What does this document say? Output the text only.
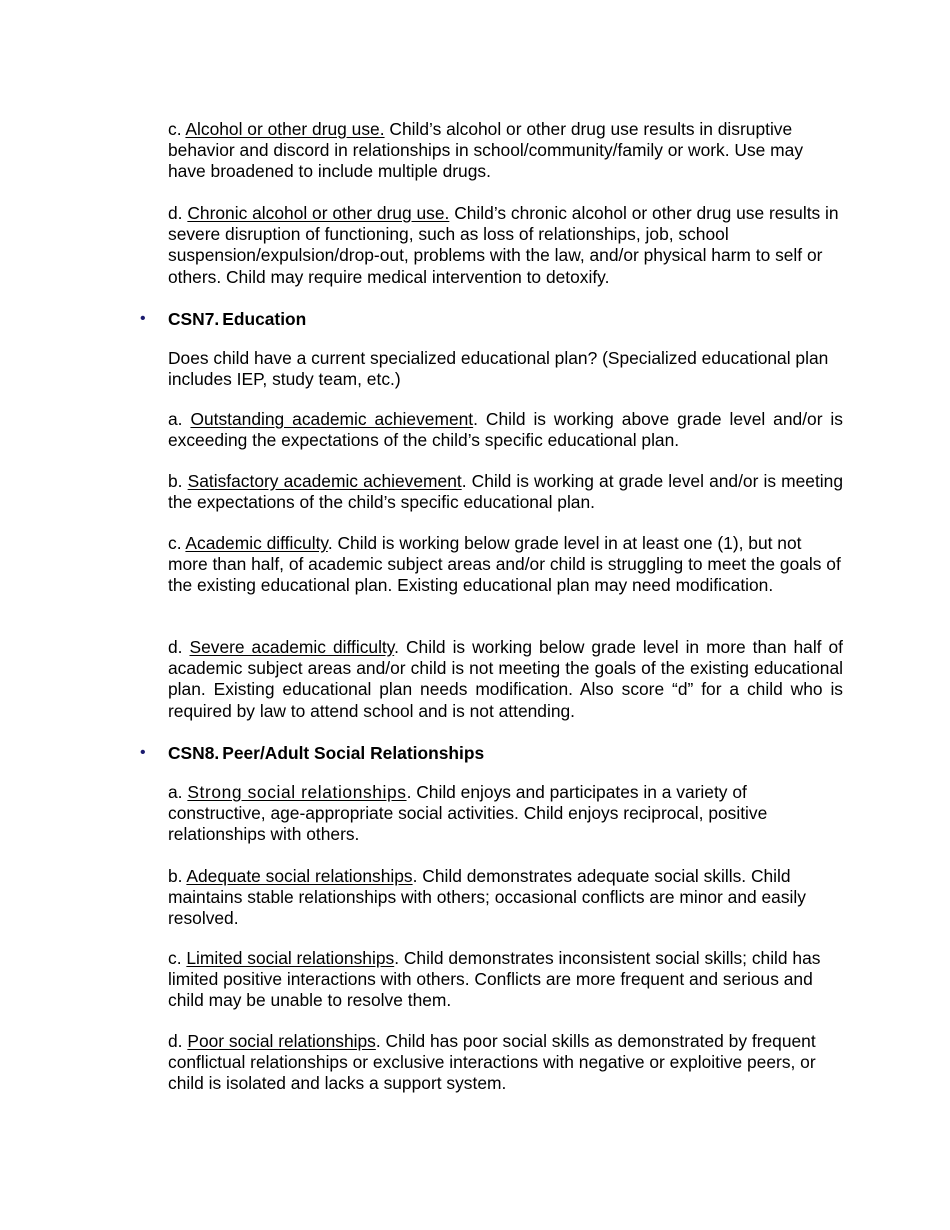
c. Alcohol or other drug use. Child’s alcohol or other drug use results in disruptive behavior and discord in relationships in school/community/family or work. Use may have broadened to include multiple drugs.

d. Chronic alcohol or other drug use. Child’s chronic alcohol or other drug use results in severe disruption of functioning, such as loss of relationships, job, school suspension/expulsion/drop-out, problems with the law, and/or physical harm to self or others. Child may require medical intervention to detoxify.

• CSN7. Education

Does child have a current specialized educational plan? (Specialized educational plan includes IEP, study team, etc.)

a. Outstanding academic achievement. Child is working above grade level and/or is exceeding the expectations of the child’s specific educational plan.

b. Satisfactory academic achievement. Child is working at grade level and/or is meeting the expectations of the child’s specific educational plan.

c. Academic difficulty. Child is working below grade level in at least one (1), but not more than half, of academic subject areas and/or child is struggling to meet the goals of the existing educational plan. Existing educational plan may need modification.

d. Severe academic difficulty. Child is working below grade level in more than half of academic subject areas and/or child is not meeting the goals of the existing educational plan. Existing educational plan needs modification. Also score “d” for a child who is required by law to attend school and is not attending.

• CSN8. Peer/Adult Social Relationships

a. Strong social relationships. Child enjoys and participates in a variety of constructive, age-appropriate social activities. Child enjoys reciprocal, positive relationships with others.

b. Adequate social relationships. Child demonstrates adequate social skills. Child maintains stable relationships with others; occasional conflicts are minor and easily resolved.

c. Limited social relationships. Child demonstrates inconsistent social skills; child has limited positive interactions with others. Conflicts are more frequent and serious and child may be unable to resolve them.

d. Poor social relationships. Child has poor social skills as demonstrated by frequent conflictual relationships or exclusive interactions with negative or exploitive peers, or child is isolated and lacks a support system.
